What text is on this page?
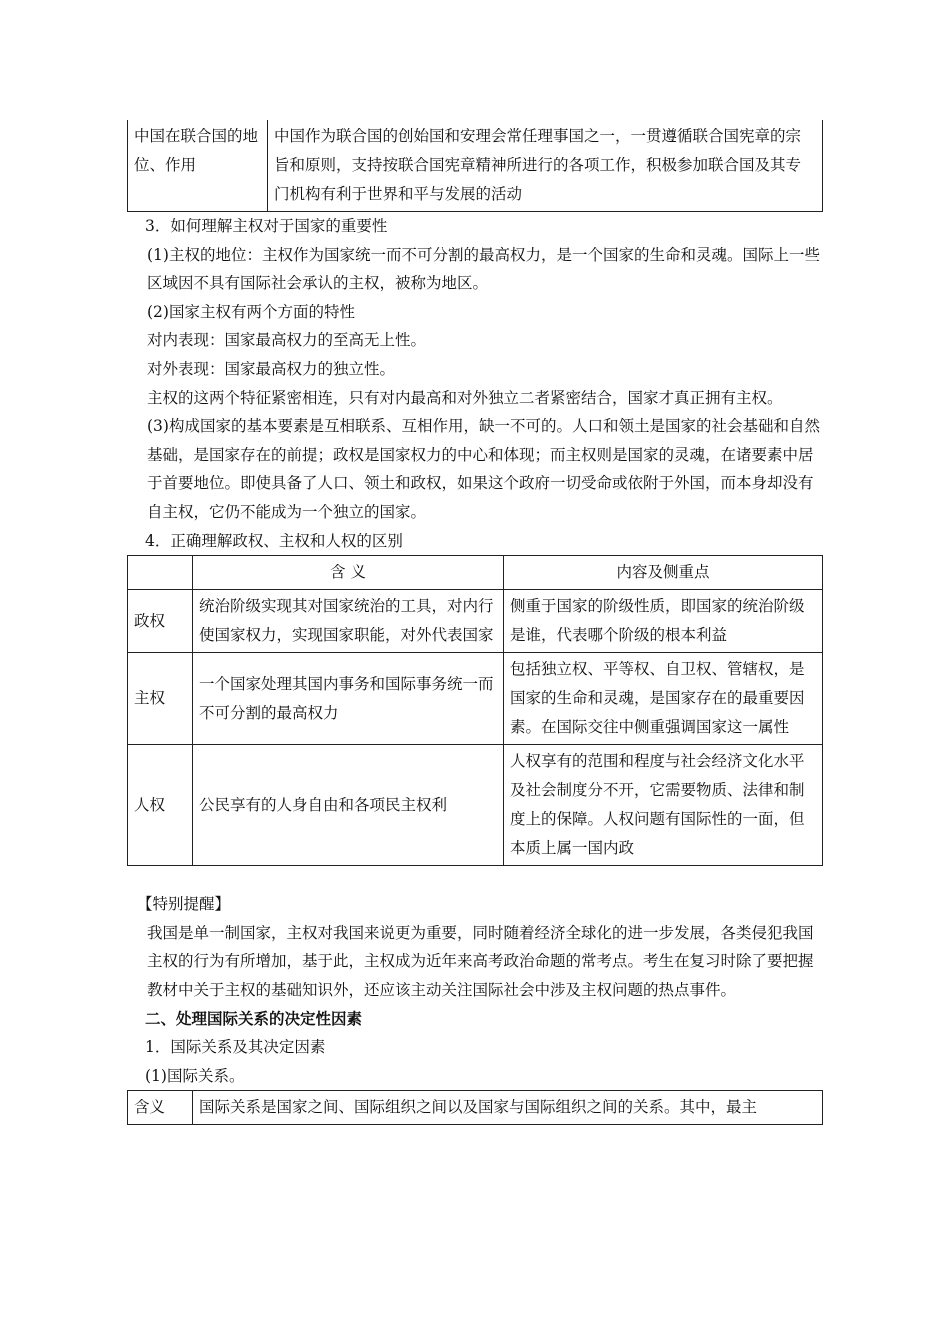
中国在联合国的地位、作用	中国作为联合国的创始国和安理会常任理事国之一，一贯遵循联合国宪章的宗旨和原则，支持按联合国宪章精神所进行的各项工作，积极参加联合国及其专门机构有利于世界和平与发展的活动

3．如何理解主权对于国家的重要性

(1)主权的地位：主权作为国家统一而不可分割的最高权力，是一个国家的生命和灵魂。国际上一些区域因不具有国际社会承认的主权，被称为地区。

(2)国家主权有两个方面的特性

对内表现：国家最高权力的至高无上性。

对外表现：国家最高权力的独立性。

主权的这两个特征紧密相连，只有对内最高和对外独立二者紧密结合，国家才真正拥有主权。

(3)构成国家的基本要素是互相联系、互相作用，缺一不可的。人口和领土是国家的社会基础和自然基础，是国家存在的前提；政权是国家权力的中心和体现；而主权则是国家的灵魂，在诸要素中居于首要地位。即使具备了人口、领土和政权，如果这个政府一切受命或依附于外国，而本身却没有自主权，它仍不能成为一个独立的国家。

4．正确理解政权、主权和人权的区别

	含 义	内容及侧重点
政权	统治阶级实现其对国家统治的工具，对内行使国家权力，实现国家职能，对外代表国家	侧重于国家的阶级性质，即国家的统治阶级是谁，代表哪个阶级的根本利益
主权	一个国家处理其国内事务和国际事务统一而不可分割的最高权力	包括独立权、平等权、自卫权、管辖权，是国家的生命和灵魂，是国家存在的最重要因素。在国际交往中侧重强调国家这一属性
人权	公民享有的人身自由和各项民主权利	人权享有的范围和程度与社会经济文化水平及社会制度分不开，它需要物质、法律和制度上的保障。人权问题有国际性的一面，但本质上属一国内政

【特别提醒】

我国是单一制国家，主权对我国来说更为重要，同时随着经济全球化的进一步发展，各类侵犯我国主权的行为有所增加，基于此，主权成为近年来高考政治命题的常考点。考生在复习时除了要把握教材中关于主权的基础知识外，还应该主动关注国际社会中涉及主权问题的热点事件。

二、处理国际关系的决定性因素

1．国际关系及其决定因素

(1)国际关系。

含义	国际关系是国家之间、国际组织之间以及国家与国际组织之间的关系。其中，最主
